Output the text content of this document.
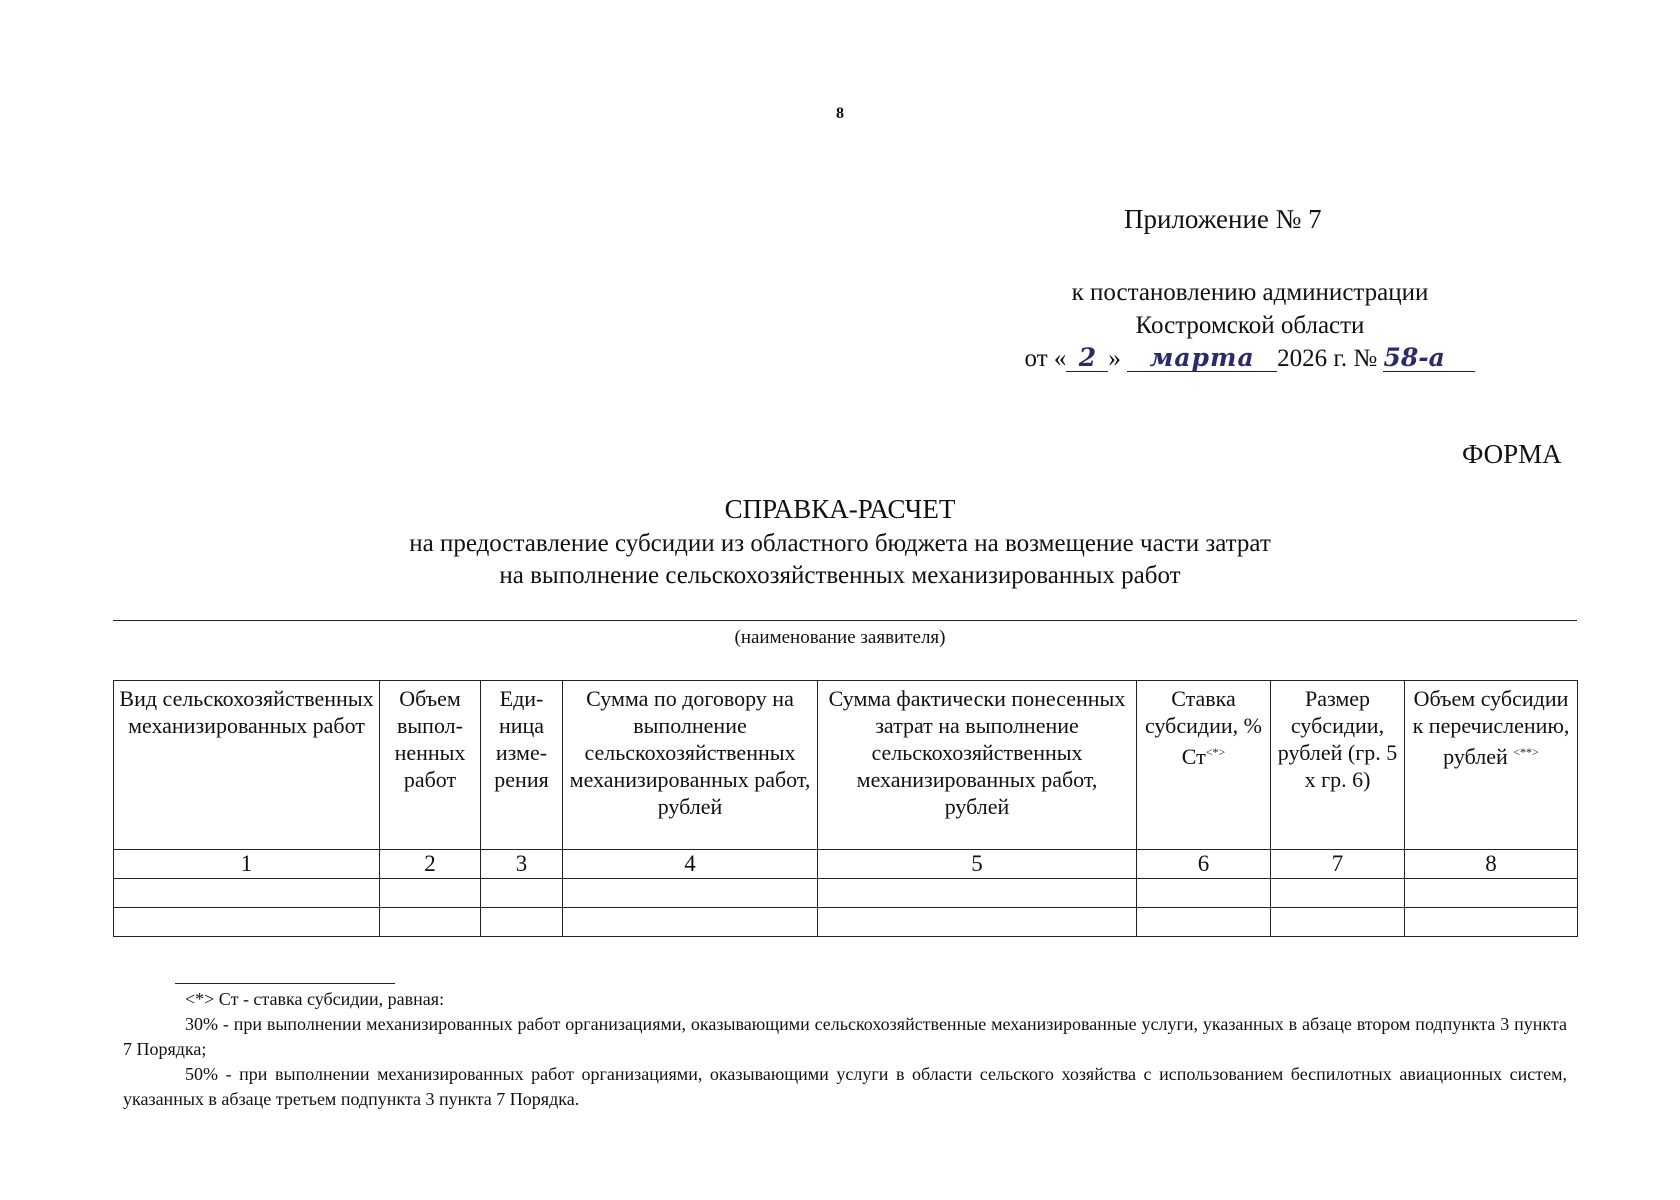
8
Приложение № 7
к постановлению администрации
Костромской области
от « 2 »
	марта 2026 г. №
58-а
ФОРМА
СПРАВКА-РАСЧЕТ
на предоставление субсидии из областного бюджета на возмещение части затрат
на выполнение сельскохозяйственных механизированных работ
(наименование заявителя)
Вид сельскохозяйственных механизированных работ	Объем выпол-ненных работ	Еди-ница изме-рения	Сумма по договору на выполнение сельскохозяйственных механизированных работ, рублей	Сумма фактически понесенных затрат на выполнение сельскохозяйственных механизированных работ, рублей	Ставка субсидии, % Ст<*>	Размер субсидии, рублей (гр. 5 х гр. 6)	Объем субсидии к перечислению, рублей <**>
1	2	3	4	5	6	7	8

<*> Ст - ставка субсидии, равная:

30% - при выполнении механизированных работ организациями, оказывающими сельскохозяйственные механизированные услуги, указанных в абзаце втором подпункта 3 пункта 7 Порядка;

50% - при выполнении механизированных работ организациями, оказывающими услуги в области сельского хозяйства с использованием беспилотных авиационных систем, указанных в абзаце третьем подпункта 3 пункта 7 Порядка.
